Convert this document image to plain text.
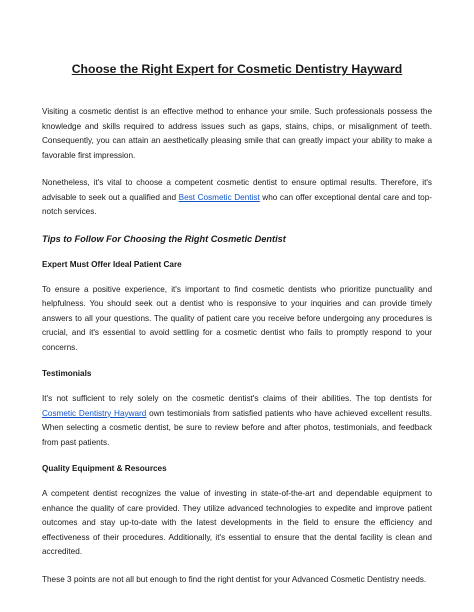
Choose the Right Expert for Cosmetic Dentistry Hayward

Visiting a cosmetic dentist is an effective method to enhance your smile. Such professionals possess the knowledge and skills required to address issues such as gaps, stains, chips, or misalignment of teeth. Consequently, you can attain an aesthetically pleasing smile that can greatly impact your ability to make a favorable first impression.

Nonetheless, it's vital to choose a competent cosmetic dentist to ensure optimal results. Therefore, it's advisable to seek out a qualified and Best Cosmetic Dentist who can offer exceptional dental care and top-notch services.

Tips to Follow For Choosing the Right Cosmetic Dentist
Expert Must Offer Ideal Patient Care

To ensure a positive experience, it's important to find cosmetic dentists who prioritize punctuality and helpfulness. You should seek out a dentist who is responsive to your inquiries and can provide timely answers to all your questions. The quality of patient care you receive before undergoing any procedures is crucial, and it's essential to avoid settling for a cosmetic dentist who fails to promptly respond to your concerns.

Testimonials

It's not sufficient to rely solely on the cosmetic dentist's claims of their abilities. The top dentists for Cosmetic Dentistry Hayward own testimonials from satisfied patients who have achieved excellent results. When selecting a cosmetic dentist, be sure to review before and after photos, testimonials, and feedback from past patients.

Quality Equipment & Resources

A competent dentist recognizes the value of investing in state-of-the-art and dependable equipment to enhance the quality of care provided. They utilize advanced technologies to expedite and improve patient outcomes and stay up-to-date with the latest developments in the field to ensure the efficiency and effectiveness of their procedures. Additionally, it's essential to ensure that the dental facility is clean and accredited.

These 3 points are not all but enough to find the right dentist for your Advanced Cosmetic Dentistry needs.
